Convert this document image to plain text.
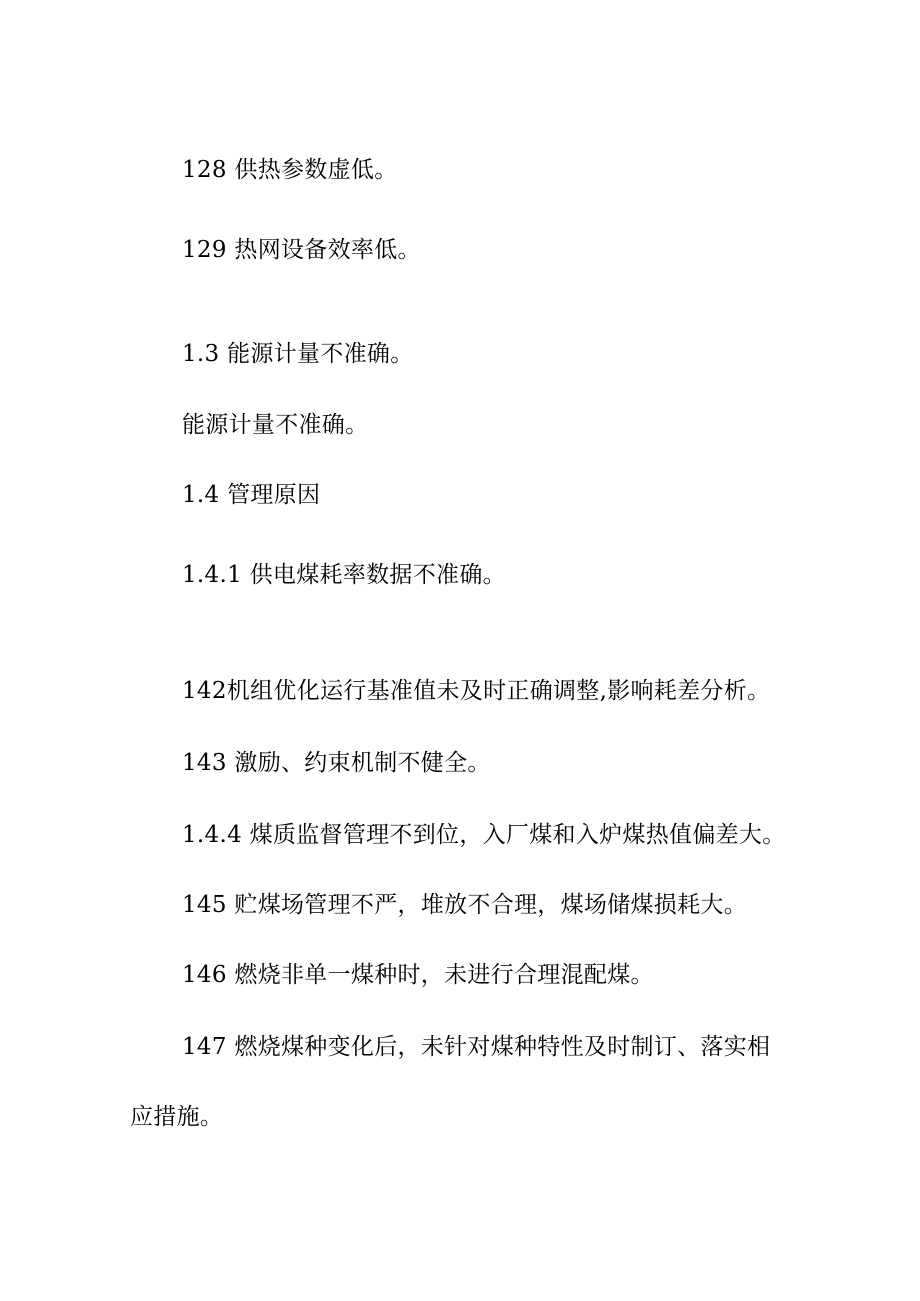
128 供热参数虚低。
129 热网设备效率低。
1.3 能源计量不准确。
能源计量不准确。
1.4 管理原因
1.4.1 供电煤耗率数据不准确。
142机组优化运行基准值未及时正确调整,影响耗差分析。
143 激励、约束机制不健全。
1.4.4 煤质监督管理不到位，入厂煤和入炉煤热值偏差大。
145 贮煤场管理不严，堆放不合理，煤场储煤损耗大。
146 燃烧非单一煤种时，未进行合理混配煤。
147 燃烧煤种变化后，未针对煤种特性及时制订、落实相
应措施。
